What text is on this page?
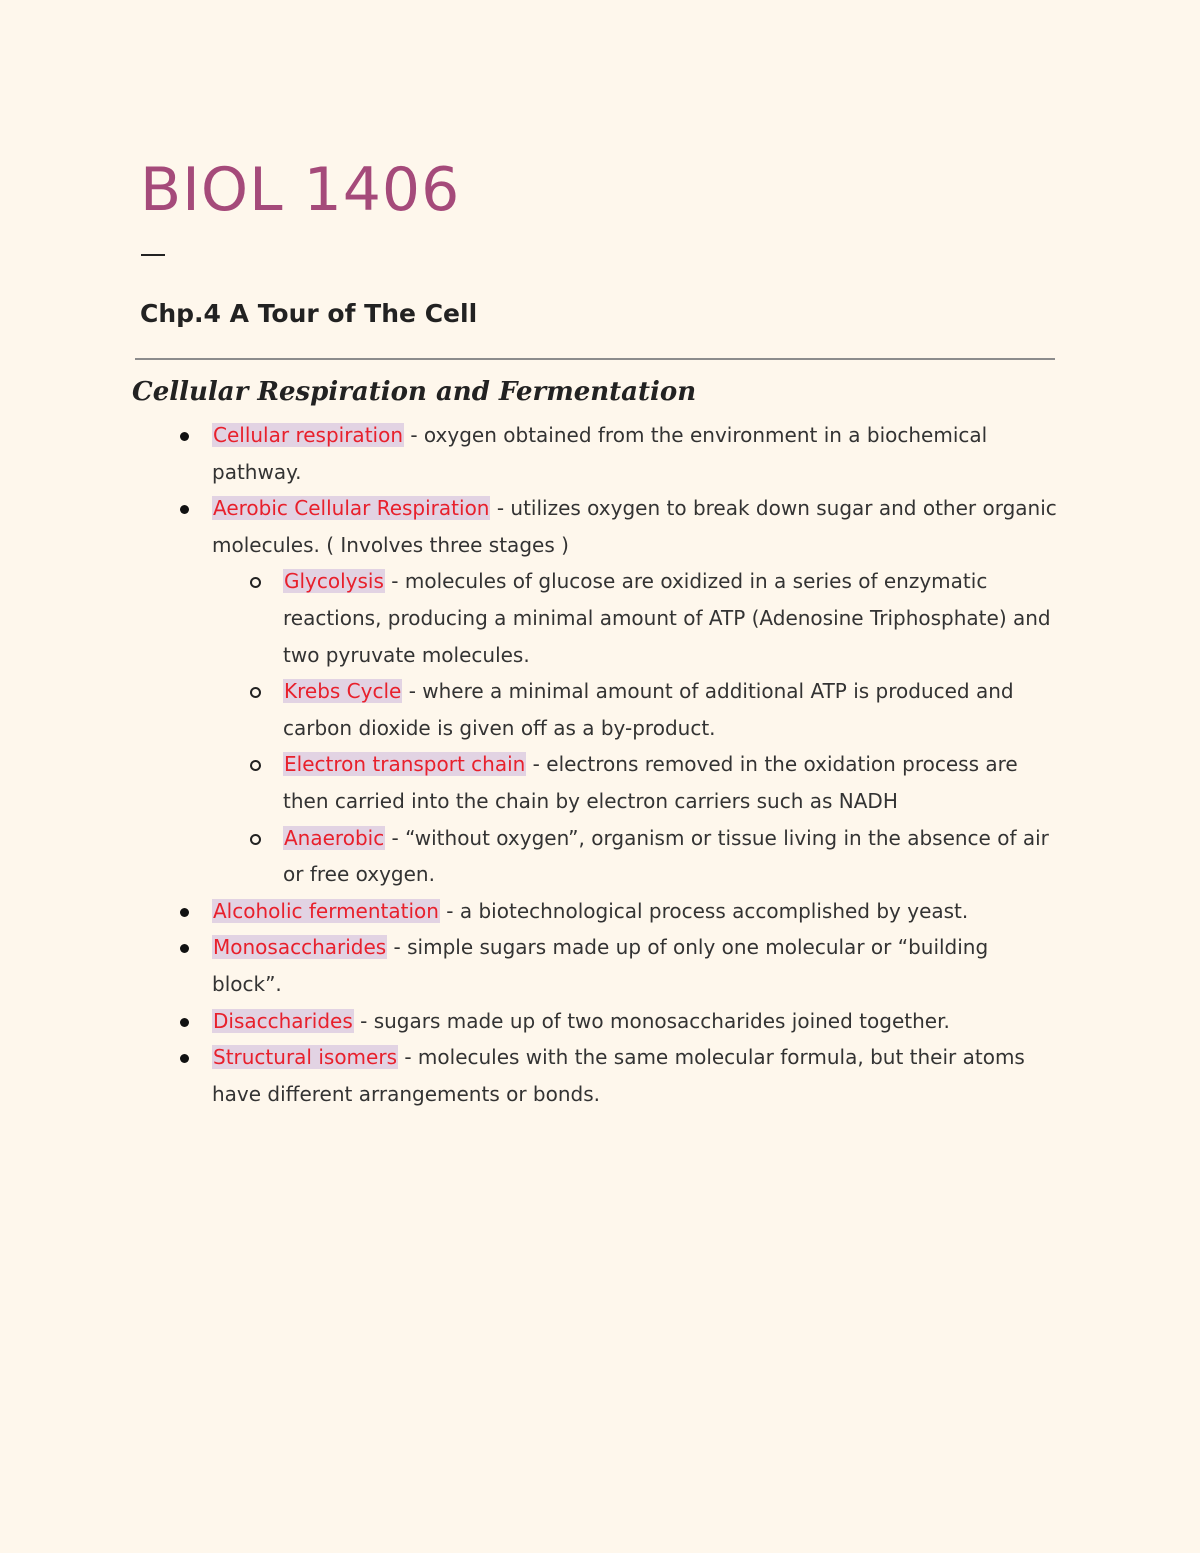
BIOL 1406
Chp.4 A Tour of The Cell
Cellular Respiration and Fermentation
Cellular respiration - oxygen obtained from the environment in a biochemical pathway.
Aerobic Cellular Respiration - utilizes oxygen to break down sugar and other organic molecules. ( Involves three stages )
Glycolysis - molecules of glucose are oxidized in a series of enzymatic reactions, producing a minimal amount of ATP (Adenosine Triphosphate) and two pyruvate molecules.
Krebs Cycle - where a minimal amount of additional ATP is produced and carbon dioxide is given off as a by-product.
Electron transport chain - electrons removed in the oxidation process are then carried into the chain by electron carriers such as NADH
Anaerobic - “without oxygen”, organism or tissue living in the absence of air or free oxygen.
Alcoholic fermentation - a biotechnological process accomplished by yeast.
Monosaccharides - simple sugars made up of only one molecular or “building block”.
Disaccharides - sugars made up of two monosaccharides joined together.
Structural isomers - molecules with the same molecular formula, but their atoms have different arrangements or bonds.
